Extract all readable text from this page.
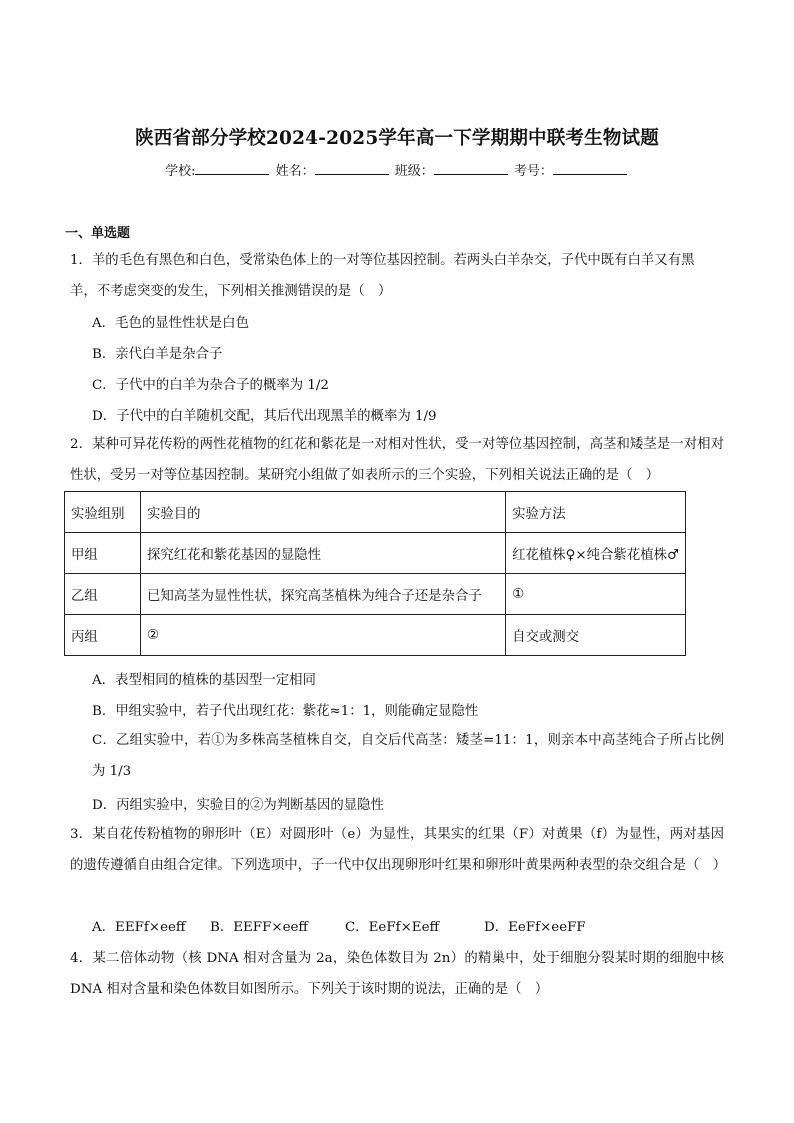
陕西省部分学校2024-2025学年高一下学期期中联考生物试题
学校:	姓名：	班级：	考号：
一、单选题
1．羊的毛色有黑色和白色，受常染色体上的一对等位基因控制。若两头白羊杂交，子代中既有白羊又有黑
羊，不考虑突变的发生，下列相关推测错误的是（　）
A．毛色的显性性状是白色
B．亲代白羊是杂合子
C．子代中的白羊为杂合子的概率为 1/2
D．子代中的白羊随机交配，其后代出现黑羊的概率为 1/9
2．某种可异花传粉的两性花植物的红花和紫花是一对相对性状，受一对等位基因控制，高茎和矮茎是一对相对性状，受另一对等位基因控制。某研究小组做了如表所示的三个实验，下列相关说法正确的是（　）
实验组别	实验目的	实验方法
甲组	探究红花和紫花基因的显隐性	红花植株♀×纯合紫花植株♂
乙组	已知高茎为显性性状，探究高茎植株为纯合子还是杂合子	①
丙组	②	自交或测交
A．表型相同的植株的基因型一定相同
B．甲组实验中，若子代出现红花：紫花≈1：1，则能确定显隐性
C．乙组实验中，若①为多株高茎植株自交，自交后代高茎：矮茎=11：1，则亲本中高茎纯合子所占比例为 1/3
D．丙组实验中，实验目的②为判断基因的显隐性
3．某自花传粉植物的卵形叶（E）对圆形叶（e）为显性，其果实的红果（F）对黄果（f）为显性，两对基因的遗传遵循自由组合定律。下列选项中，子一代中仅出现卵形叶红果和卵形叶黄果两种表型的杂交组合是（　）
A．EEFf×eeff B．EEFF×eeff	C．EeFf×Eeff	D．EeFf×eeFF
4．某二倍体动物（核 DNA 相对含量为 2a，染色体数目为 2n）的精巢中，处于细胞分裂某时期的细胞中核 DNA 相对含量和染色体数目如图所示。下列关于该时期的说法，正确的是（　）
